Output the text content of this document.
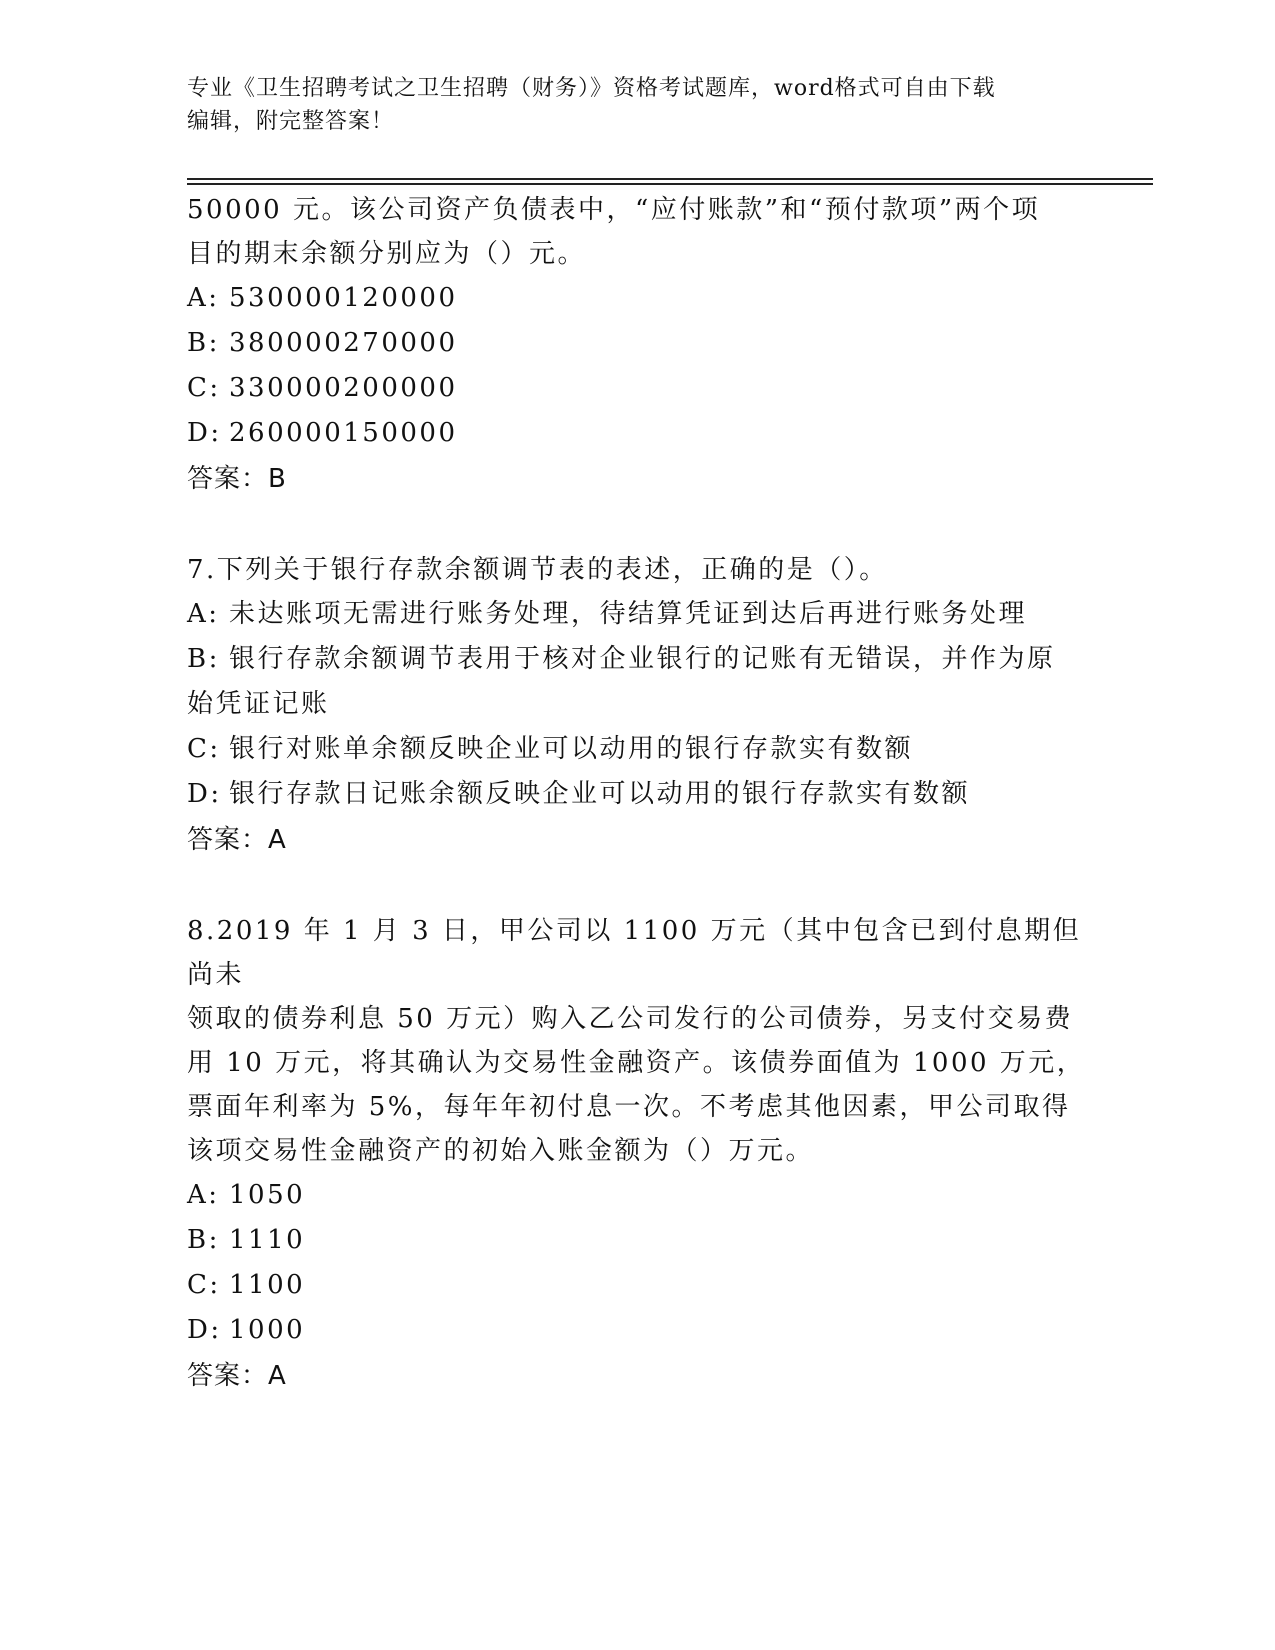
专业《卫生招聘考试之卫生招聘（财务）》资格考试题库，word格式可自由下载
编辑，附完整答案！
50000 元。该公司资产负债表中，“应付账款”和“预付款项”两个项
目的期末余额分别应为（）元。
A: 530000120000
B: 380000270000
C: 330000200000
D: 260000150000
答案：B
7.下列关于银行存款余额调节表的表述，正确的是（）。
A: 未达账项无需进行账务处理，待结算凭证到达后再进行账务处理
B: 银行存款余额调节表用于核对企业银行的记账有无错误，并作为原
始凭证记账
C: 银行对账单余额反映企业可以动用的银行存款实有数额
D: 银行存款日记账余额反映企业可以动用的银行存款实有数额
答案：A
8.2019 年 1 月 3 日，甲公司以 1100 万元（其中包含已到付息期但尚未
领取的债券利息 50 万元）购入乙公司发行的公司债券，另支付交易费
用 10 万元，将其确认为交易性金融资产。该债券面值为 1000 万元，
票面年利率为 5%，每年年初付息一次。不考虑其他因素，甲公司取得
该项交易性金融资产的初始入账金额为（）万元。
A: 1050
B: 1110
C: 1100
D: 1000
答案：A
